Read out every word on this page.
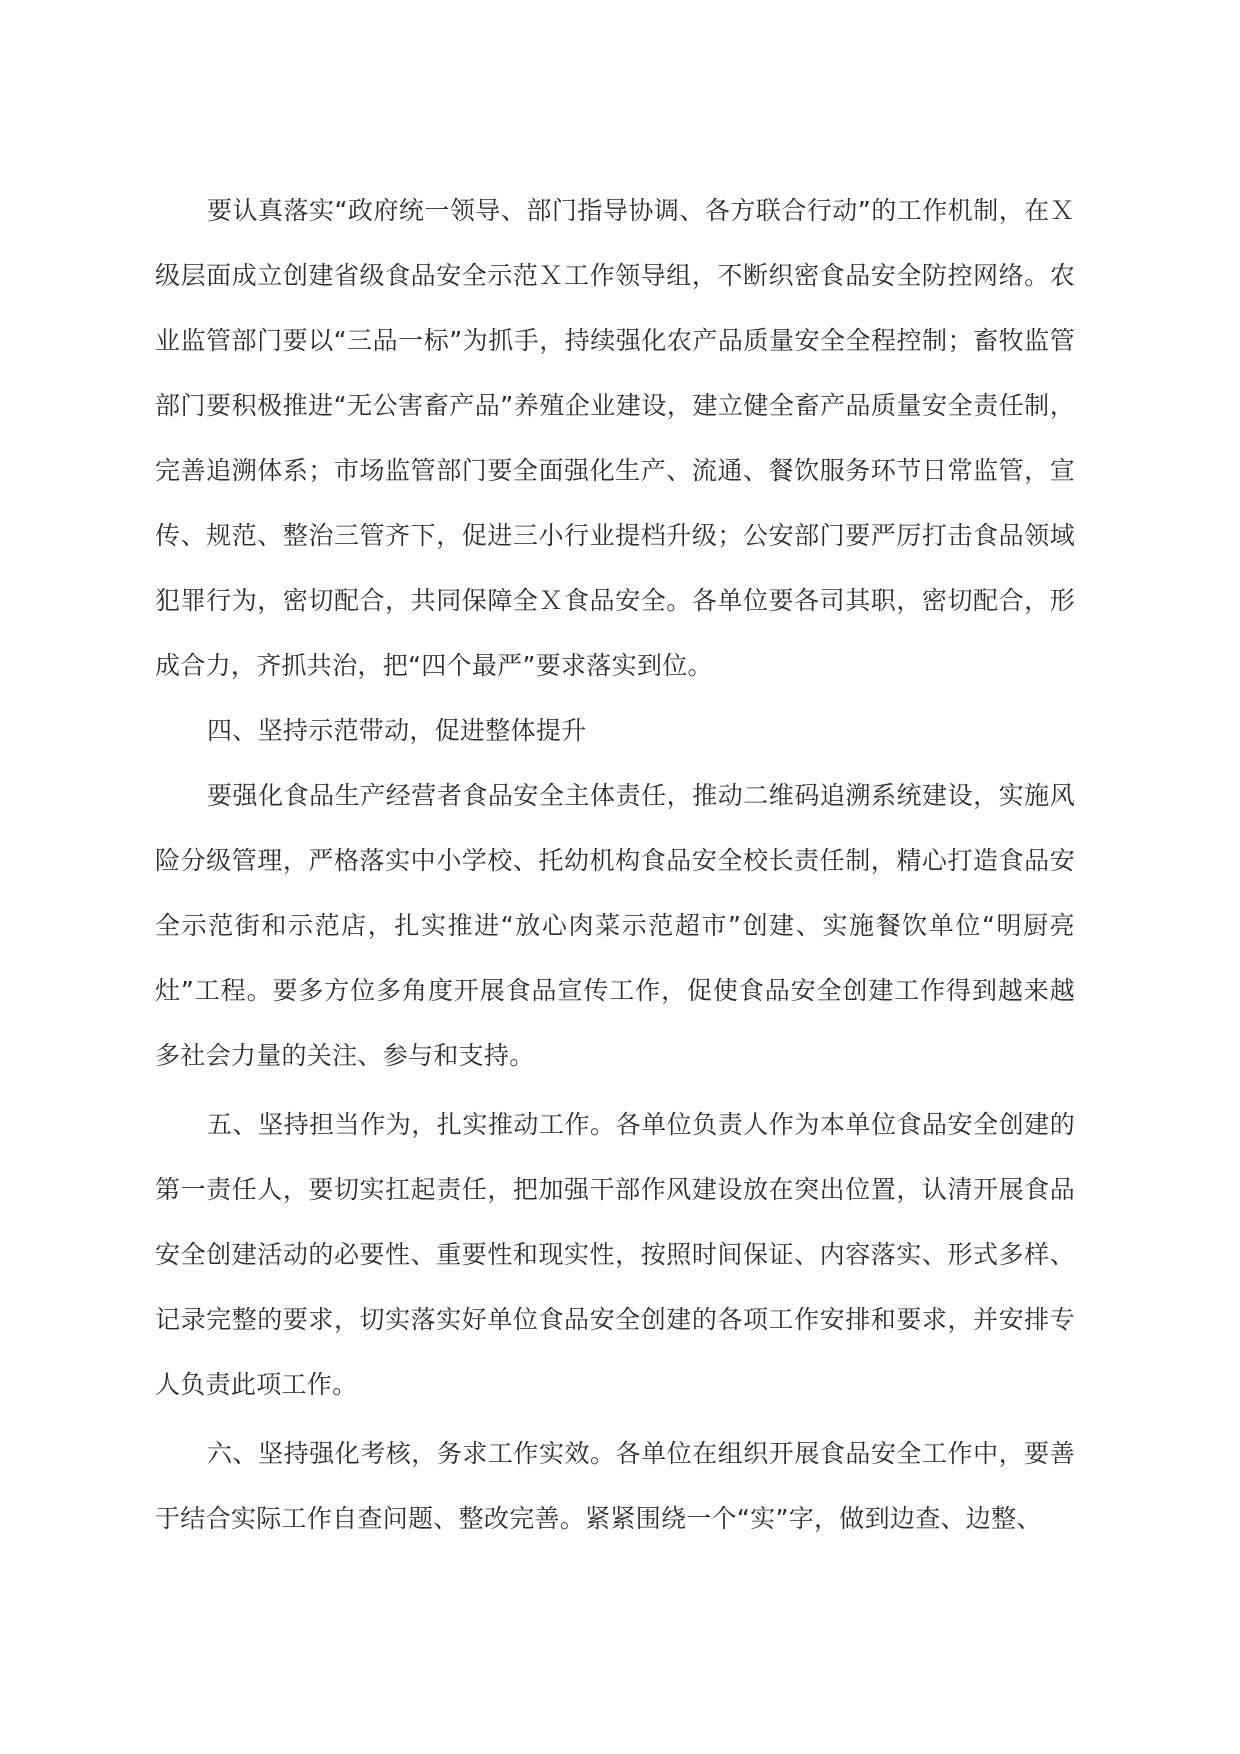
要认真落实“政府统一领导、部门指导协调、各方联合行动”的工作机制，在Ｘ级层面成立创建省级食品安全示范Ｘ工作领导组，不断织密食品安全防控网络。农业监管部门要以“三品一标”为抓手，持续强化农产品质量安全全程控制；畜牧监管部门要积极推进“无公害畜产品”养殖企业建设，建立健全畜产品质量安全责任制，完善追溯体系；市场监管部门要全面强化生产、流通、餐饮服务环节日常监管，宣传、规范、整治三管齐下，促进三小行业提档升级；公安部门要严厉打击食品领域犯罪行为，密切配合，共同保障全Ｘ食品安全。各单位要各司其职，密切配合，形成合力，齐抓共治，把“四个最严”要求落实到位。

四、坚持示范带动，促进整体提升

要强化食品生产经营者食品安全主体责任，推动二维码追溯系统建设，实施风险分级管理，严格落实中小学校、托幼机构食品安全校长责任制，精心打造食品安全示范街和示范店，扎实推进“放心肉菜示范超市”创建、实施餐饮单位“明厨亮灶”工程。要多方位多角度开展食品宣传工作，促使食品安全创建工作得到越来越多社会力量的关注、参与和支持。

五、坚持担当作为，扎实推动工作。各单位负责人作为本单位食品安全创建的第一责任人，要切实扛起责任，把加强干部作风建设放在突出位置，认清开展食品安全创建活动的必要性、重要性和现实性，按照时间保证、内容落实、形式多样、记录完整的要求，切实落实好单位食品安全创建的各项工作安排和要求，并安排专人负责此项工作。

六、坚持强化考核，务求工作实效。各单位在组织开展食品安全工作中，要善于结合实际工作自查问题、整改完善。紧紧围绕一个“实”字，做到边查、边整、
